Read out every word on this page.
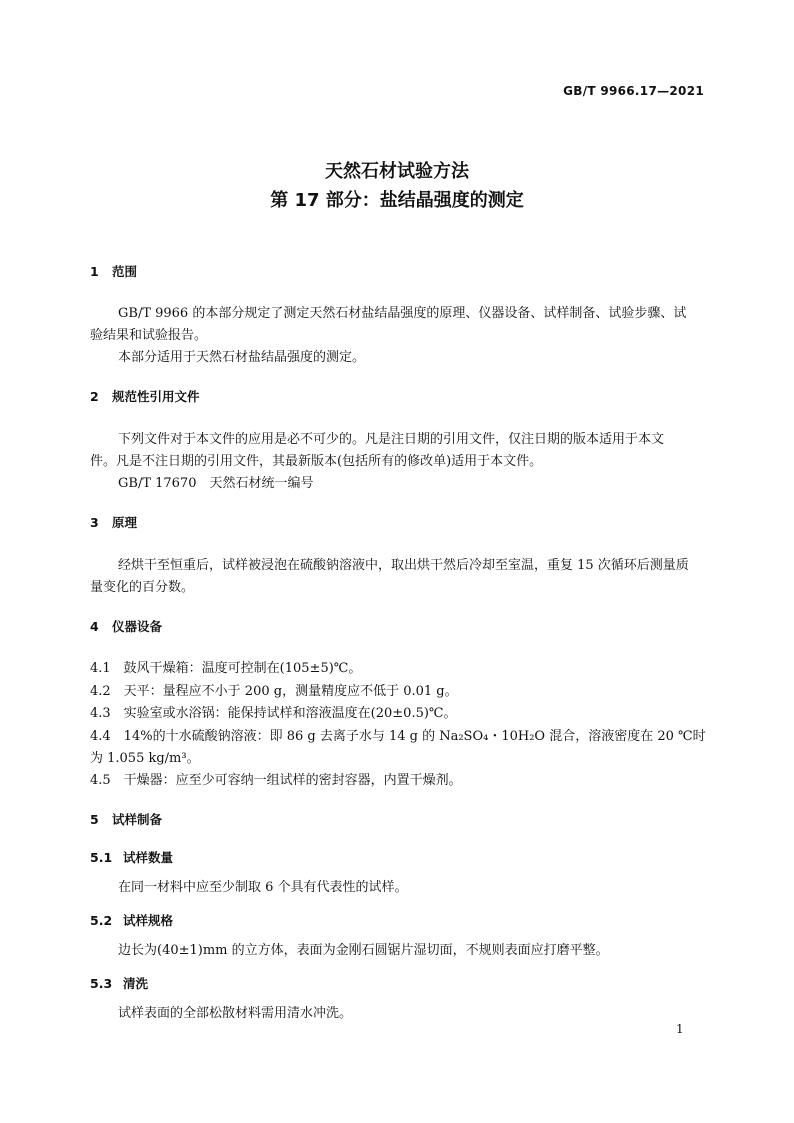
GB/T 9966.17—2021
天然石材试验方法
第 17 部分：盐结晶强度的测定
1 范围
GB/T 9966 的本部分规定了测定天然石材盐结晶强度的原理、仪器设备、试样制备、试验步骤、试
验结果和试验报告。
本部分适用于天然石材盐结晶强度的测定。
2 规范性引用文件
下列文件对于本文件的应用是必不可少的。凡是注日期的引用文件，仅注日期的版本适用于本文
件。凡是不注日期的引用文件，其最新版本(包括所有的修改单)适用于本文件。
GB/T 17670　天然石材统一编号
3 原理
经烘干至恒重后，试样被浸泡在硫酸钠溶液中，取出烘干然后冷却至室温，重复 15 次循环后测量质
量变化的百分数。
4 仪器设备
4.1　鼓风干燥箱：温度可控制在(105±5)℃。
4.2　天平：量程应不小于 200 g，测量精度应不低于 0.01 g。
4.3　实验室或水浴锅：能保持试样和溶液温度在(20±0.5)℃。
4.4　14%的十水硫酸钠溶液：即 86 g 去离子水与 14 g 的 Na₂SO₄・10H₂O 混合，溶液密度在 20 ℃时
为 1.055 kg/m³。
4.5　干燥器：应至少可容纳一组试样的密封容器，内置干燥剂。
5 试样制备
5.1 试样数量
在同一材料中应至少制取 6 个具有代表性的试样。
5.2 试样规格
边长为(40±1)mm 的立方体，表面为金刚石圆锯片湿切面，不规则表面应打磨平整。
5.3 清洗
试样表面的全部松散材料需用清水冲洗。
1
